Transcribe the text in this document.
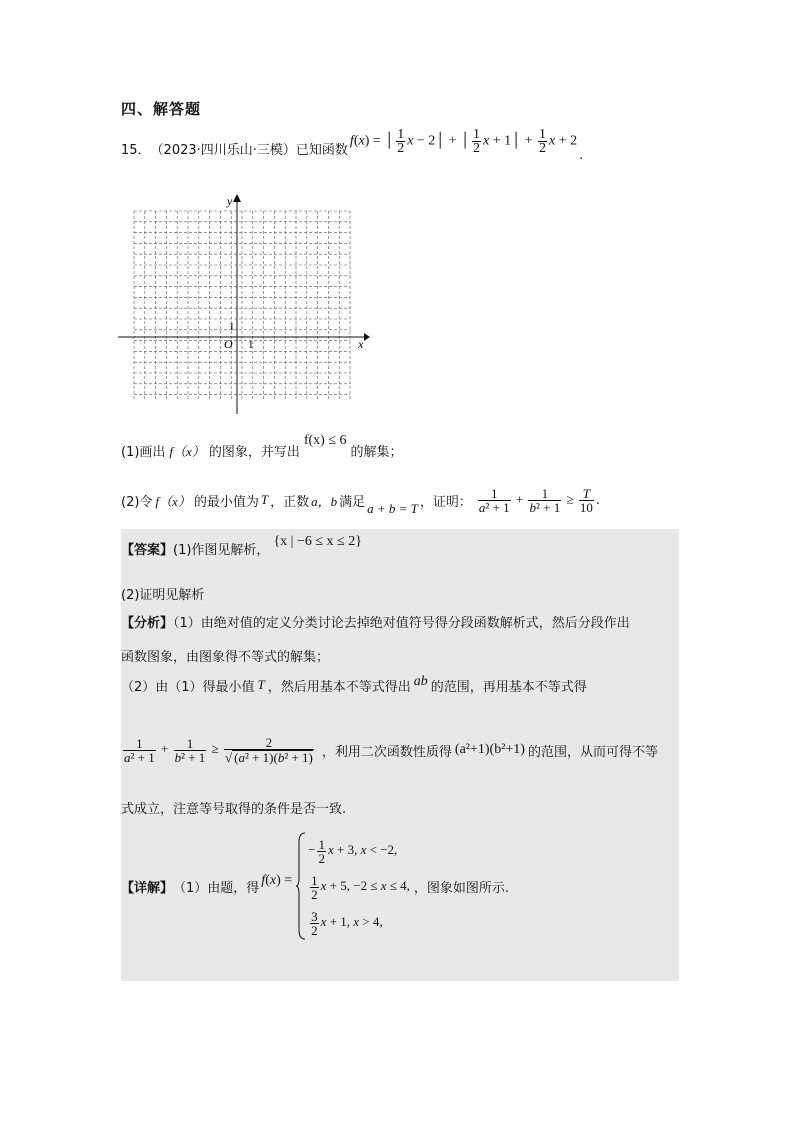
四、解答题
15． （2023·四川乐山·三模） 已知函数
f(x) = │ $\frac{1}{2}$ x − 2│ + │ $\frac{1}{2}$ x + 1│ + $\frac{1}{2}$ x + 2
.
x
y
O 1
1
(1)画出 f（x） 的图象，并写出
f(x) ≤ 6
的解集；
(2)令 f（x） 的最小值为 T ，正数 a，b 满足 a + b = T ，证明： $\frac{1}{\text{a² + 1}} + \frac{1}{\text{b² + 1}} \ge \frac{T}{10}$ .
【答案】 (1)作图见解析，
{x | −6 ≤ x ≤ 2}
(2)证明见解析
【分析】（1）由绝对值的定义分类讨论去掉绝对值符号得分段函数解析式，然后分段作出
函数图象，由图象得不等式的解集；
（2）由（1）得最小值 T ，然后用基本不等式得出 ab 的范围，再用基本不等式得
$\frac{1}{\text{a² + 1}} + \frac{1}{\text{b² + 1}} \ge \frac{2}{\text{√ (a² + 1)(b² + 1)}}$ ，利用二次函数性质得 (a²+1)(b²+1) 的范围，从而可得不等
式成立，注意等号取得的条件是否一致.
【详解】 （1）由题，得 f(x) =
− $\frac{1}{2}$ x + 3, x < −2,
$\frac{1}{2}$ x + 5, −2 ≤ x ≤ 4,
$\frac{3}{2}$ x + 1, x > 4,
，图象如图所示.
